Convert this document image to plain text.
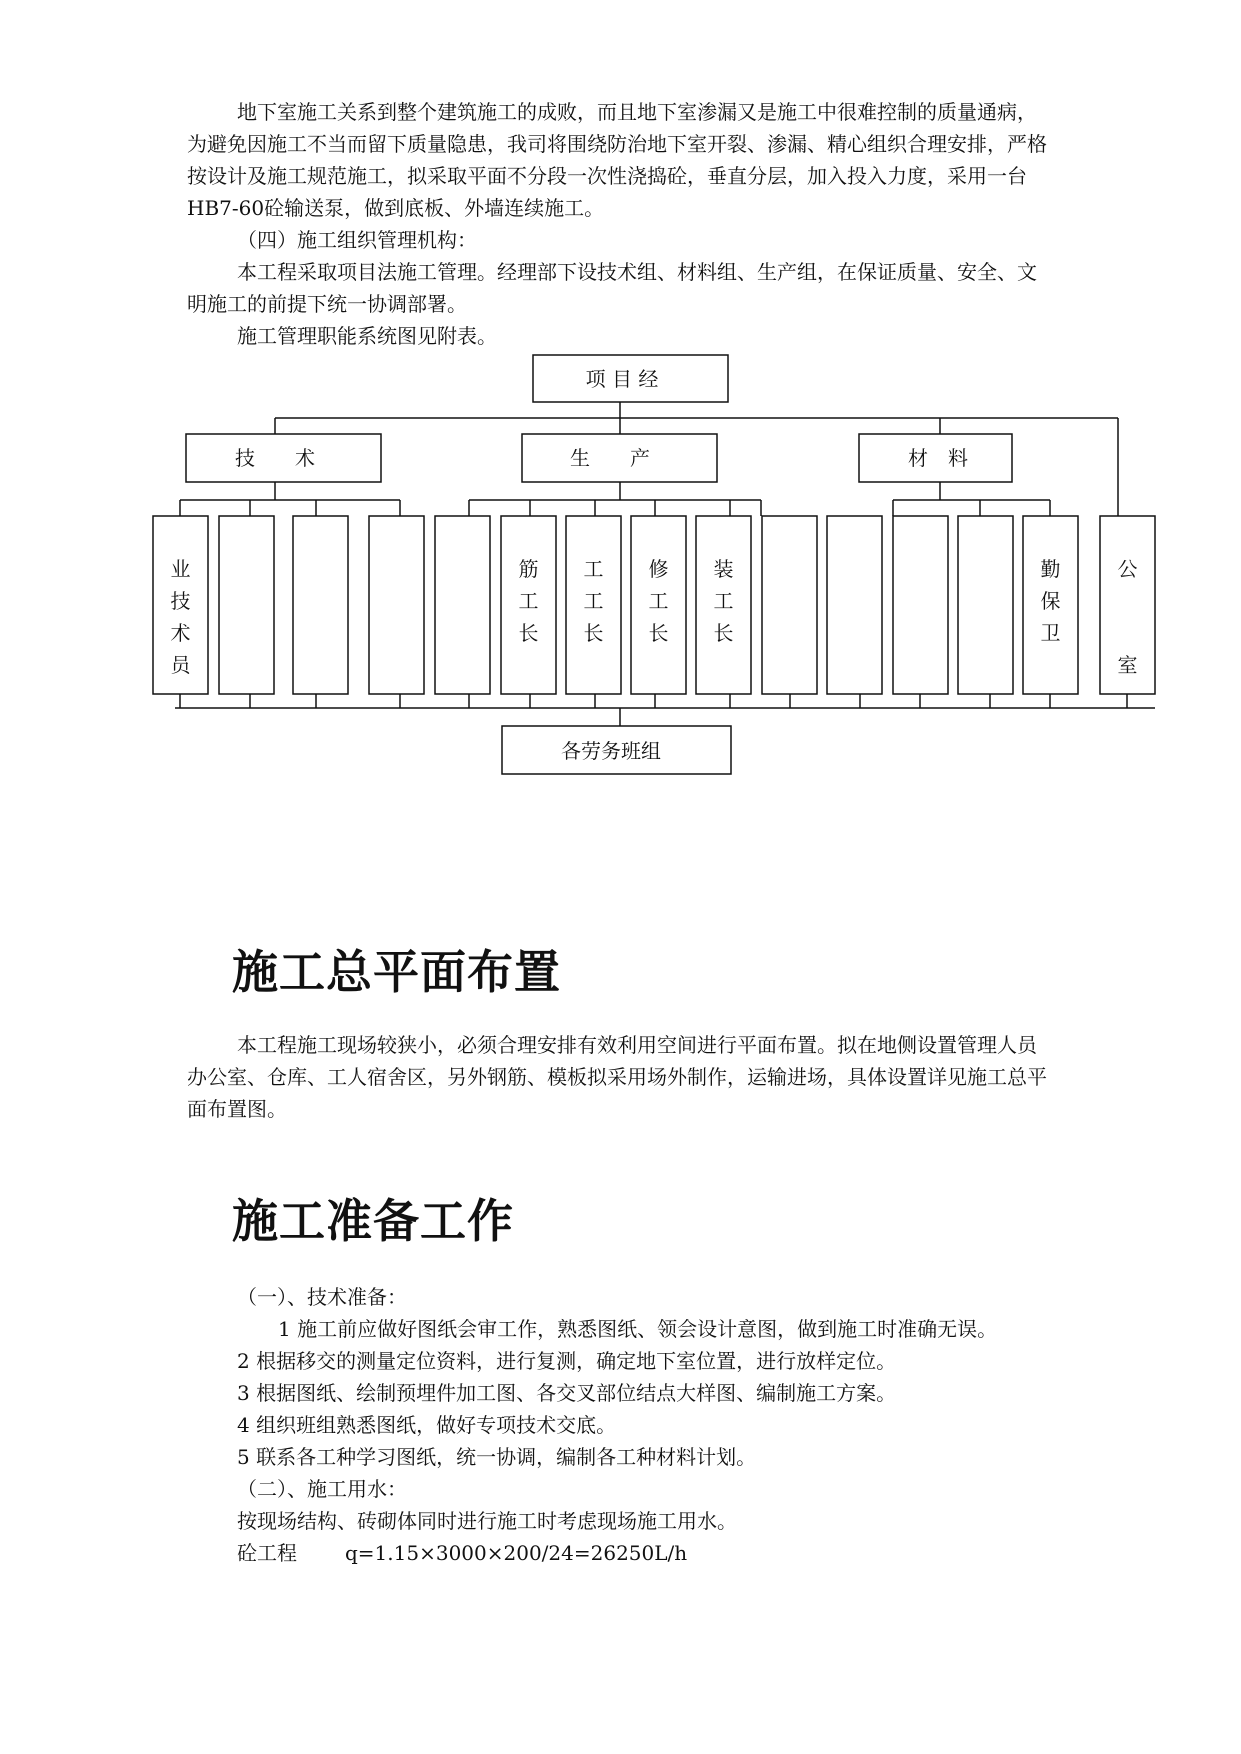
地下室施工关系到整个建筑施工的成败，而且地下室渗漏又是施工中很难控制的质量通病，为避免因施工不当而留下质量隐患，我司将围绕防治地下室开裂、渗漏、精心组织合理安排，严格按设计及施工规范施工，拟采取平面不分段一次性浇捣砼，垂直分层，加入投入力度，采用一台HB7-60砼输送泵，做到底板、外墙连续施工。

（四）施工组织管理机构：

本工程采取项目法施工管理。经理部下设技术组、材料组、生产组，在保证质量、安全、文明施工的前提下统一协调部署。

施工管理职能系统图见附表。
项 目 经
技　　术	生　　产	材　料
业
技
术
员
筋
工
长
工
工
长
修
工
长
装
工
长
勤
保
卫
公
室
各劳务班组
施工总平面布置

本工程施工现场较狭小，必须合理安排有效利用空间进行平面布置。拟在地侧设置管理人员办公室、仓库、工人宿舍区，另外钢筋、模板拟采用场外制作，运输进场，具体设置详见施工总平面布置图。

施工准备工作
（一）、技术准备：
1 施工前应做好图纸会审工作，熟悉图纸、领会设计意图，做到施工时准确无误。
2 根据移交的测量定位资料，进行复测，确定地下室位置，进行放样定位。
3 根据图纸、绘制预埋件加工图、各交叉部位结点大样图、编制施工方案。
4 组织班组熟悉图纸，做好专项技术交底。
5 联系各工种学习图纸，统一协调，编制各工种材料计划。
（二）、施工用水：
按现场结构、砖砌体同时进行施工时考虑现场施工用水。
砼工程 q=1.15×3000×200/24=26250L/h
